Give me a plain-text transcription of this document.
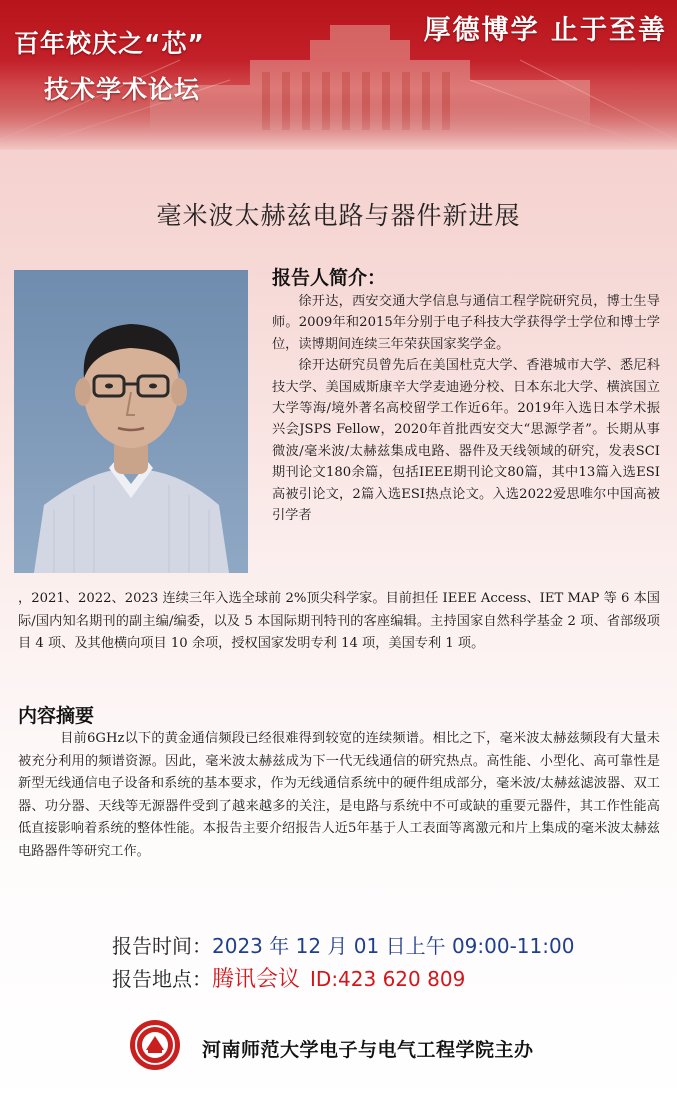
百年校庆之“芯”
技术学术论坛
厚德博学 止于至善
毫米波太赫兹电路与器件新进展
报告人简介：

徐开达，西安交通大学信息与通信工程学院研究员，博士生导师。2009年和2015年分别于电子科技大学获得学士学位和博士学位，读博期间连续三年荣获国家奖学金。

徐开达研究员曾先后在美国杜克大学、香港城市大学、悉尼科技大学、美国威斯康辛大学麦迪逊分校、日本东北大学、横滨国立大学等海/境外著名高校留学工作近6年。2019年入选日本学术振兴会JSPS Fellow，2020年首批西安交大“思源学者”。长期从事微波/毫米波/太赫兹集成电路、器件及天线领域的研究，发表SCI期刊论文180余篇，包括IEEE期刊论文80篇，其中13篇入选ESI高被引论文，2篇入选ESI热点论文。入选2022爱思唯尔中国高被引学者

，2021、2022、2023 连续三年入选全球前 2%顶尖科学家。目前担任 IEEE Access、IET MAP 等 6 本国际/国内知名期刊的副主编/编委，以及 5 本国际期刊特刊的客座编辑。主持国家自然科学基金 2 项、省部级项目 4 项、及其他横向项目 10 余项，授权国家发明专利 14 项，美国专利 1 项。

内容摘要

目前6GHz以下的黄金通信频段已经很难得到较宽的连续频谱。相比之下，毫米波太赫兹频段有大量未被充分利用的频谱资源。因此，毫米波太赫兹成为下一代无线通信的研究热点。高性能、小型化、高可靠性是新型无线通信电子设备和系统的基本要求，作为无线通信系统中的硬件组成部分，毫米波/太赫兹滤波器、双工器、功分器、天线等无源器件受到了越来越多的关注，是电路与系统中不可或缺的重要元器件，其工作性能高低直接影响着系统的整体性能。本报告主要介绍报告人近5年基于人工表面等离激元和片上集成的毫米波太赫兹电路器件等研究工作。

报告时间：2023 年 12 月 01 日上午 09:00-11:00
报告地点：腾讯会议 ID:423 620 809
河南师范大学电子与电气工程学院主办
